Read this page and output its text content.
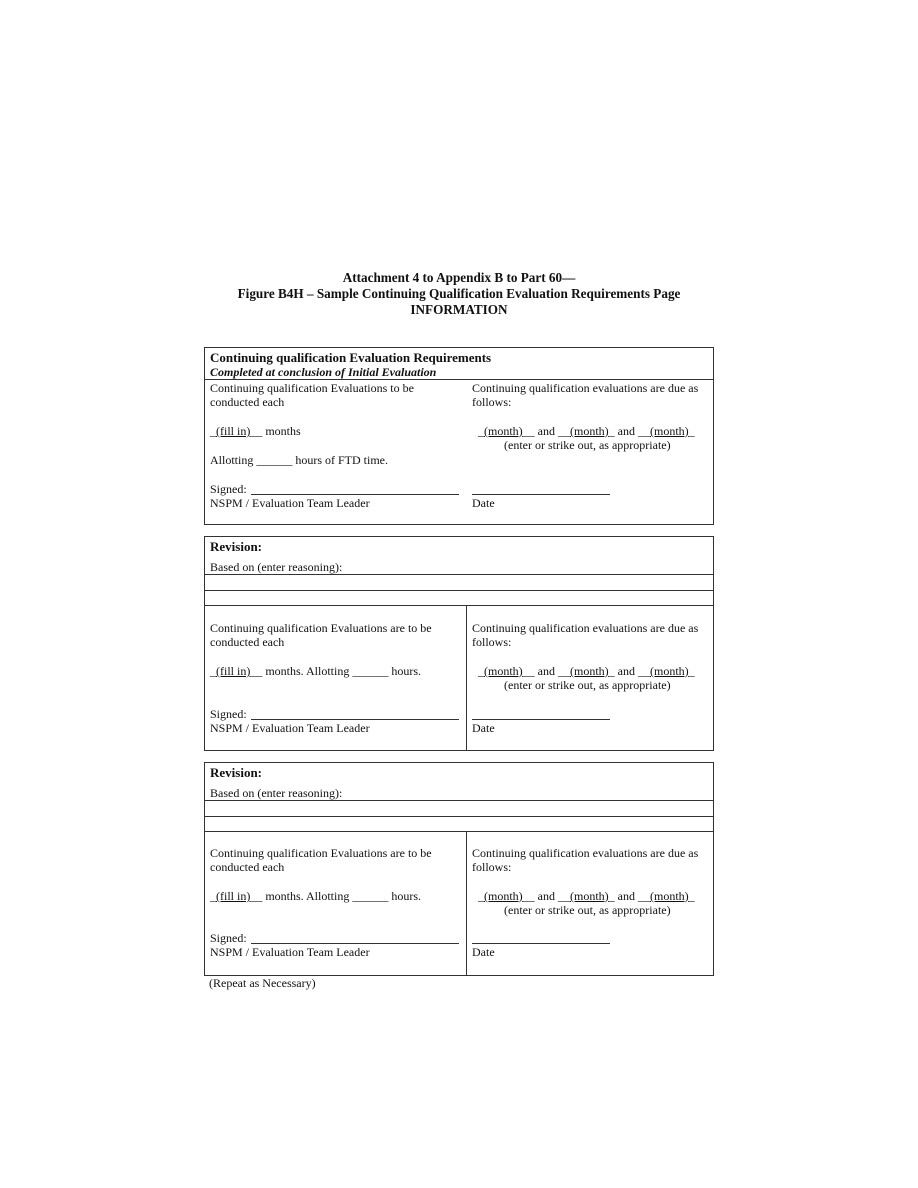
Attachment 4 to Appendix B to Part 60—
Figure B4H – Sample Continuing Qualification Evaluation Requirements Page
INFORMATION
Continuing qualification Evaluation Requirements
Completed at conclusion of Initial Evaluation
Continuing qualification Evaluations to be
conducted each
_(fill in)__ months
Allotting ______ hours of FTD time.
Signed:
NSPM / Evaluation Team Leader
Continuing qualification evaluations are due as
follows:
_(month)__ and __(month)_ and __(month)_
(enter or strike out, as appropriate)
Date
Revision:
Based on (enter reasoning):
Continuing qualification Evaluations are to be
conducted each
_(fill in)__ months. Allotting ______ hours.
Signed:
NSPM / Evaluation Team Leader
Continuing qualification evaluations are due as
follows:
_(month)__ and __(month)_ and __(month)_
(enter or strike out, as appropriate)
Date
Revision:
Based on (enter reasoning):
Continuing qualification Evaluations are to be
conducted each
_(fill in)__ months. Allotting ______ hours.
Signed:
NSPM / Evaluation Team Leader
Continuing qualification evaluations are due as
follows:
_(month)__ and __(month)_ and __(month)_
(enter or strike out, as appropriate)
Date
(Repeat as Necessary)
